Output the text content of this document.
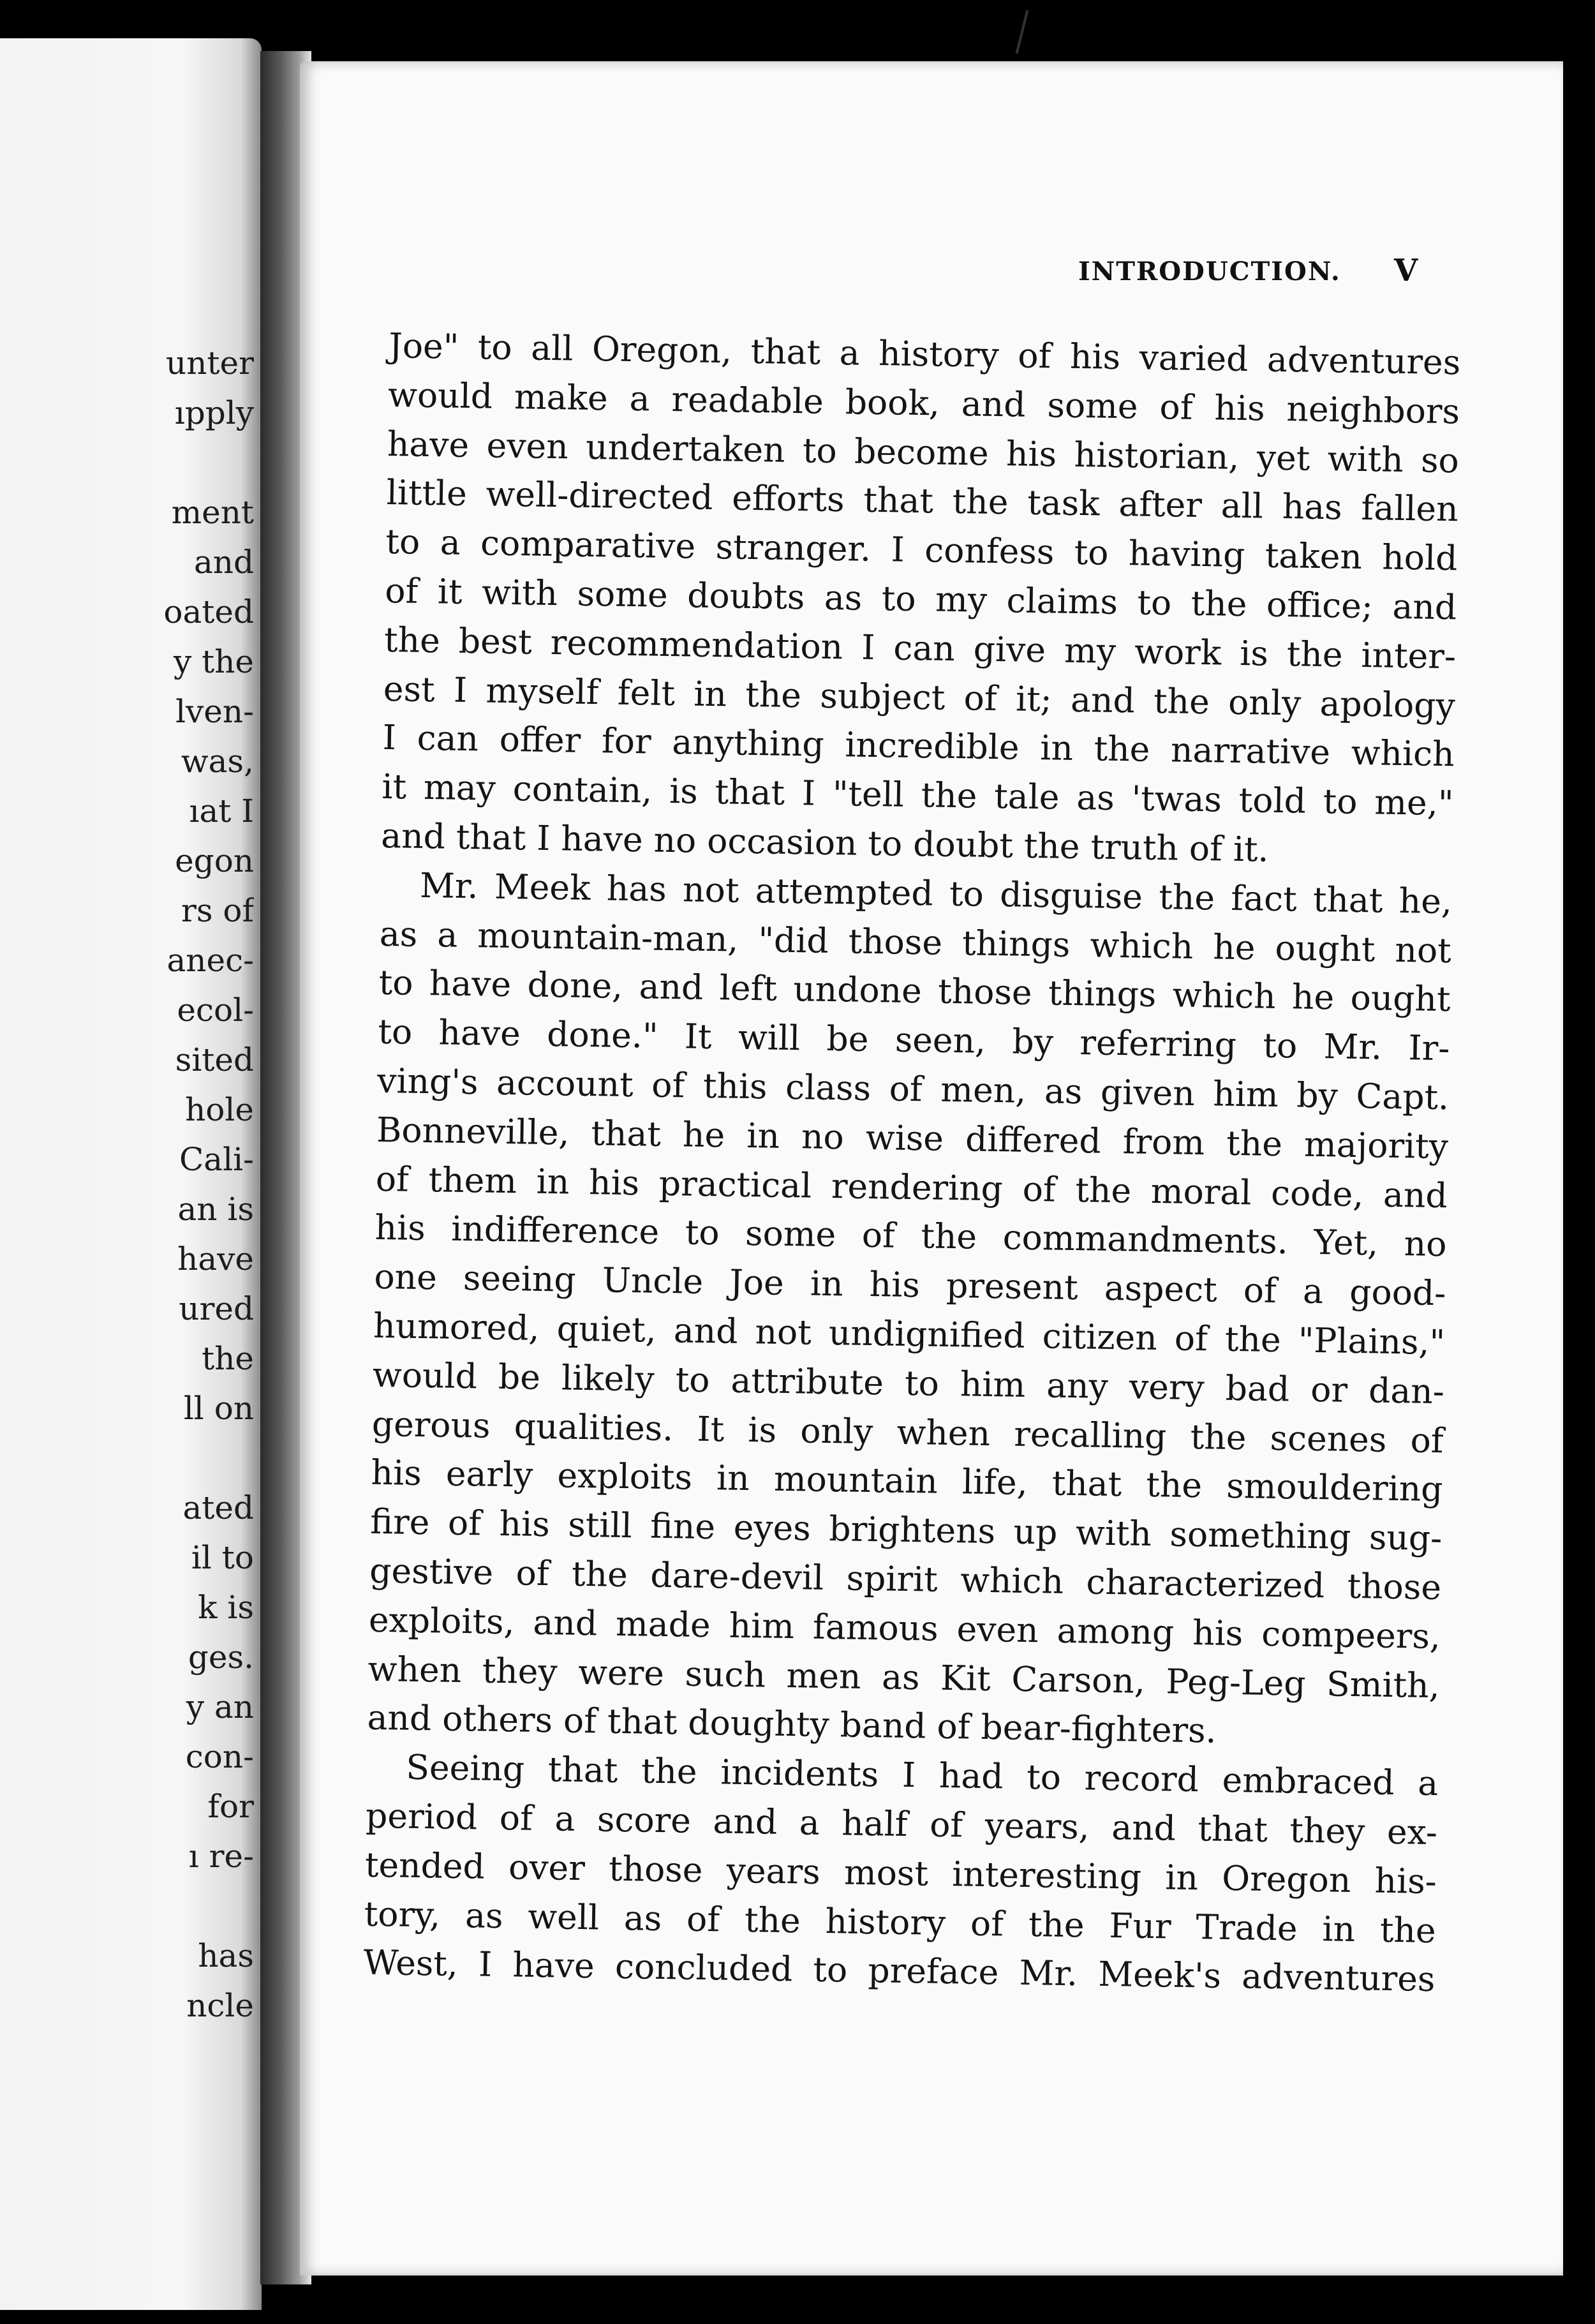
unter
ıpply
ment
and
oated
y the
lven-
was,
ıat I
egon
rs of
anec-
ecol-
sited
hole
Cali-
an is
have
ured
the
ll on
ated
il to
k is
ges.
y an
con-
for
ı re-
has
ncle
INTRODUCTION. V
Joe" to all Oregon, that a history of his varied adventures
would make a readable book, and some of his neighbors
have even undertaken to become his historian, yet with so
little well-directed efforts that the task after all has fallen
to a comparative stranger. I confess to having taken hold
of it with some doubts as to my claims to the office; and
the best recommendation I can give my work is the inter-
est I myself felt in the subject of it; and the only apology
I can offer for anything incredible in the narrative which
it may contain, is that I "tell the tale as 'twas told to me,"
and that I have no occasion to doubt the truth of it.
Mr. Meek has not attempted to disguise the fact that he,
as a mountain-man, "did those things which he ought not
to have done, and left undone those things which he ought
to have done." It will be seen, by referring to Mr. Ir-
ving's account of this class of men, as given him by Capt.
Bonneville, that he in no wise differed from the majority
of them in his practical rendering of the moral code, and
his indifference to some of the commandments. Yet, no
one seeing Uncle Joe in his present aspect of a good-
humored, quiet, and not undignified citizen of the "Plains,"
would be likely to attribute to him any very bad or dan-
gerous qualities. It is only when recalling the scenes of
his early exploits in mountain life, that the smouldering
fire of his still fine eyes brightens up with something sug-
gestive of the dare-devil spirit which characterized those
exploits, and made him famous even among his compeers,
when they were such men as Kit Carson, Peg-Leg Smith,
and others of that doughty band of bear-fighters.
Seeing that the incidents I had to record embraced a
period of a score and a half of years, and that they ex-
tended over those years most interesting in Oregon his-
tory, as well as of the history of the Fur Trade in the
West, I have concluded to preface Mr. Meek's adventures
